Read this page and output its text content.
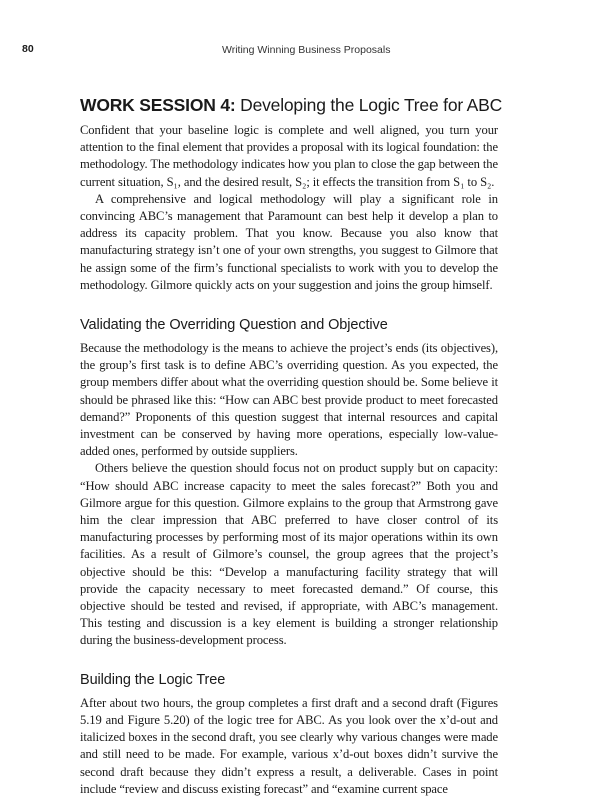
80	Writing Winning Business Proposals
WORK SESSION 4: Developing the Logic Tree for ABC

Confident that your baseline logic is complete and well aligned, you turn your attention to the final element that provides a proposal with its logical foundation: the methodology. The methodology indicates how you plan to close the gap between the current situation, S₁, and the desired result, S₂; it effects the transition from S₁ to S₂.

A comprehensive and logical methodology will play a significant role in convincing ABC’s management that Paramount can best help it develop a plan to address its capacity problem. That you know. Because you also know that manufacturing strategy isn’t one of your own strengths, you suggest to Gilmore that he assign some of the firm’s functional specialists to work with you to develop the methodology. Gilmore quickly acts on your suggestion and joins the group himself.

Validating the Overriding Question and Objective

Because the methodology is the means to achieve the project’s ends (its objectives), the group’s first task is to define ABC’s overriding question. As you expected, the group members differ about what the overriding question should be. Some believe it should be phrased like this: “How can ABC best provide product to meet forecasted demand?” Proponents of this question suggest that internal resources and capital investment can be conserved by having more operations, especially low-value-added ones, performed by outside suppliers.

Others believe the question should focus not on product supply but on capacity: “How should ABC increase capacity to meet the sales forecast?” Both you and Gilmore argue for this question. Gilmore explains to the group that Armstrong gave him the clear impression that ABC preferred to have closer control of its manufacturing processes by performing most of its major operations within its own facilities. As a result of Gilmore’s counsel, the group agrees that the project’s objective should be this: “Develop a manufacturing facility strategy that will provide the capacity necessary to meet forecasted demand.” Of course, this objective should be tested and revised, if appropriate, with ABC’s management. This testing and discussion is a key element is building a stronger relationship during the business-development process.

Building the Logic Tree

After about two hours, the group completes a first draft and a second draft (Figures 5.19 and Figure 5.20) of the logic tree for ABC. As you look over the x’d-out and italicized boxes in the second draft, you see clearly why various changes were made and still need to be made. For example, various x’d-out boxes didn’t survive the second draft because they didn’t express a result, a deliverable. Cases in point include “review and discuss existing forecast” and “examine current space
